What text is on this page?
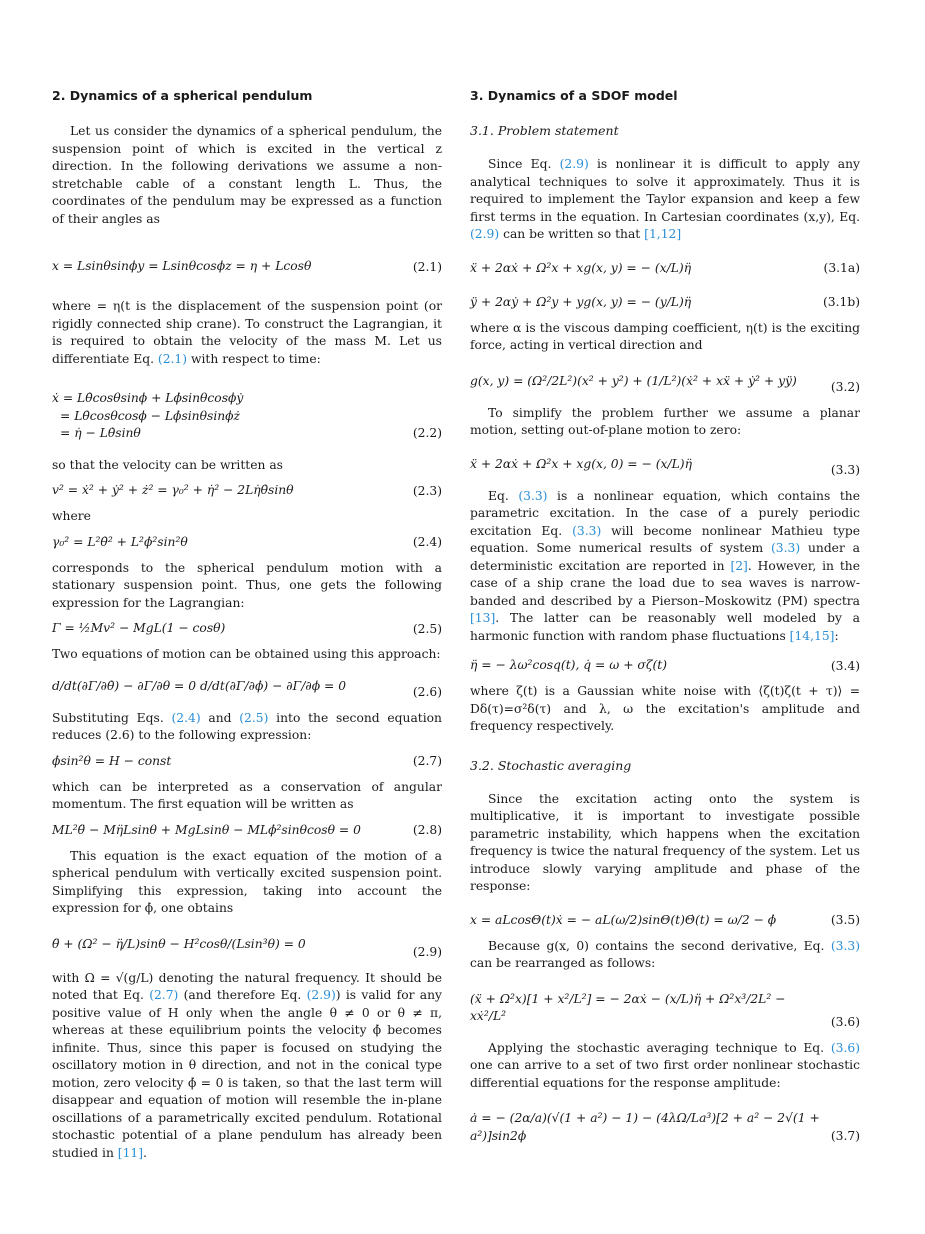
2. Dynamics of a spherical pendulum

Let us consider the dynamics of a spherical pendulum, the suspension point of which is excited in the vertical z direction. In the following derivations we assume a non-stretchable cable of a constant length L. Thus, the coordinates of the pendulum may be expressed as a function of their angles as

x = Lsinθsinϕy = Lsinθcosϕz = η + Lcosθ	(2.1)

where = η(t is the displacement of the suspension point (or rigidly connected ship crane). To construct the Lagrangian, it is required to obtain the velocity of the mass M. Let us differentiate Eq. (2.1) with respect to time:

ẋ = Lθ̇cosθsinϕ + Lϕ̇sinθcosϕẏ
= Lθ̇cosθcosϕ − Lϕ̇sinθsinϕż
= η̇ − Lθ̇sinθ	(2.2)

so that the velocity can be written as

v² = ẋ² + ẏ² + ż² = γ₀² + η̇² − 2Lη̇θ̇sinθ	(2.3)

where

γ₀² = L²θ̇² + L²ϕ̇²sin²θ	(2.4)

corresponds to the spherical pendulum motion with a stationary suspension point. Thus, one gets the following expression for the Lagrangian:

Γ = ½Mv² − MgL(1 − cosθ)	(2.5)

Two equations of motion can be obtained using this approach:

d/dt(∂Γ/∂θ̇) − ∂Γ/∂θ = 0 d/dt(∂Γ/∂ϕ̇) − ∂Γ/∂ϕ = 0	(2.6)

Substituting Eqs. (2.4) and (2.5) into the second equation reduces (2.6) to the following expression:

ϕ̇sin²θ = H − const	(2.7)

which can be interpreted as a conservation of angular momentum. The first equation will be written as

ML²θ̈ − Mη̈Lsinθ + MgLsinθ − MLϕ̇²sinθcosθ = 0	(2.8)

This equation is the exact equation of the motion of a spherical pendulum with vertically excited suspension point. Simplifying this expression, taking into account the expression for ϕ̇, one obtains

θ̈ + (Ω² − η̈/L)sinθ − H²cosθ/(Lsin³θ) = 0
(2.9)

with Ω = √(g/L) denoting the natural frequency. It should be noted that Eq. (2.7) (and therefore Eq. (2.9)) is valid for any positive value of H only when the angle θ ≠ 0 or θ ≠ π, whereas at these equilibrium points the velocity ϕ̇ becomes infinite. Thus, since this paper is focused on studying the oscillatory motion in θ direction, and not in the conical type motion, zero velocity ϕ̇ = 0 is taken, so that the last term will disappear and equation of motion will resemble the in-plane oscillations of a parametrically excited pendulum. Rotational stochastic potential of a plane pendulum has already been studied in [11].

3. Dynamics of a SDOF model
3.1. Problem statement

Since Eq. (2.9) is nonlinear it is difficult to apply any analytical techniques to solve it approximately. Thus it is required to implement the Taylor expansion and keep a few first terms in the equation. In Cartesian coordinates (x,y), Eq. (2.9) can be written so that [1,12]

ẍ + 2αẋ + Ω²x + xg(x, y) = − (x/L)η̈	(3.1a)
ÿ + 2αẏ + Ω²y + yg(x, y) = − (y/L)η̈	(3.1b)

where α is the viscous damping coefficient, η(t) is the exciting force, acting in vertical direction and

g(x, y) = (Ω²/2L²)(x² + y²) + (1/L²)(ẋ² + xẍ + ẏ² + yÿ)	(3.2)

To simplify the problem further we assume a planar motion, setting out-of-plane motion to zero:

ẍ + 2αẋ + Ω²x + xg(x, 0) = − (x/L)η̈	(3.3)

Eq. (3.3) is a nonlinear equation, which contains the parametric excitation. In the case of a purely periodic excitation Eq. (3.3) will become nonlinear Mathieu type equation. Some numerical results of system (3.3) under a deterministic excitation are reported in [2]. However, in the case of a ship crane the load due to sea waves is narrow-banded and described by a Pierson–Moskowitz (PM) spectra [13]. The latter can be reasonably well modeled by a harmonic function with random phase fluctuations [14,15]:

η̈ = − λω²cosq(t), q̇ = ω + σζ(t)	(3.4)

where ζ(t) is a Gaussian white noise with ⟨ζ(t)ζ(t + τ)⟩ = Dδ(τ)=σ²δ(τ) and λ, ω the excitation's amplitude and frequency respectively.

3.2. Stochastic averaging

Since the excitation acting onto the system is multiplicative, it is important to investigate possible parametric instability, which happens when the excitation frequency is twice the natural frequency of the system. Let us introduce slowly varying amplitude and phase of the response:

x = aLcosΘ(t)ẋ = − aL(ω/2)sinΘ(t)Θ̇(t) = ω/2 − ϕ̇	(3.5)

Because g(x, 0) contains the second derivative, Eq. (3.3) can be rearranged as follows:

(ẍ + Ω²x)[1 + x²/L²] = − 2αẋ − (x/L)η̈ + Ω²x³/2L² − xẋ²/L²	(3.6)

Applying the stochastic averaging technique to Eq. (3.6) one can arrive to a set of two first order nonlinear stochastic differential equations for the response amplitude:

ȧ = − (2α/a)(√(1 + a²) − 1) − (4λΩ/La³)[2 + a² − 2√(1 + a²)]sin2ϕ	(3.7)
